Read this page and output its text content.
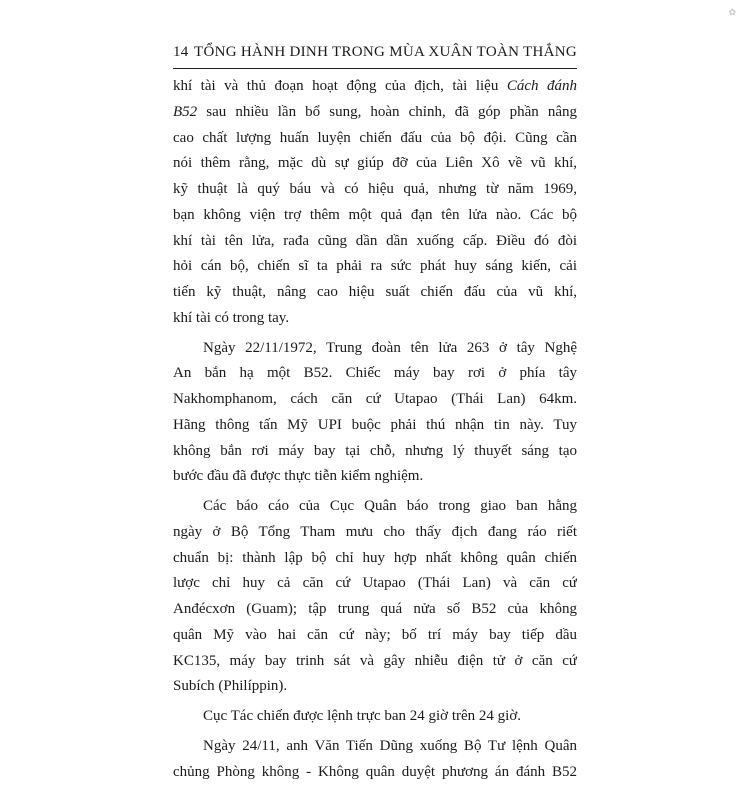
✿
14 TỔNG HÀNH DINH TRONG MÙA XUÂN TOÀN THẮNG
khí tài và thủ đoạn hoạt động của địch, tài liệu Cách đánh
B52 sau nhiều lần bổ sung, hoàn chỉnh, đã góp phần nâng
cao chất lượng huấn luyện chiến đấu của bộ đội. Cũng cần
nói thêm rằng, mặc dù sự giúp đỡ của Liên Xô về vũ khí,
kỹ thuật là quý báu và có hiệu quả, nhưng từ năm 1969,
bạn không viện trợ thêm một quả đạn tên lửa nào. Các bộ
khí tài tên lửa, rađa cũng dần dần xuống cấp. Điều đó đòi
hỏi cán bộ, chiến sĩ ta phải ra sức phát huy sáng kiến, cải
tiến kỹ thuật, nâng cao hiệu suất chiến đấu của vũ khí,
khí tài có trong tay.
Ngày 22/11/1972, Trung đoàn tên lửa 263 ở tây Nghệ
An bắn hạ một B52. Chiếc máy bay rơi ở phía tây
Nakhomphanom, cách căn cứ Utapao (Thái Lan) 64km.
Hãng thông tấn Mỹ UPI buộc phải thú nhận tin này. Tuy
không bắn rơi máy bay tại chỗ, nhưng lý thuyết sáng tạo
bước đầu đã được thực tiễn kiểm nghiệm.
Các báo cáo của Cục Quân báo trong giao ban hằng
ngày ở Bộ Tổng Tham mưu cho thấy địch đang ráo riết
chuẩn bị: thành lập bộ chỉ huy hợp nhất không quân chiến
lược chỉ huy cả căn cứ Utapao (Thái Lan) và căn cứ
Anđécxơn (Guam); tập trung quá nửa số B52 của không
quân Mỹ vào hai căn cứ này; bố trí máy bay tiếp dầu
KC135, máy bay trinh sát và gây nhiễu điện tử ở căn cứ
Subích (Philíppin).
Cục Tác chiến được lệnh trực ban 24 giờ trên 24 giờ.
Ngày 24/11, anh Văn Tiến Dũng xuống Bộ Tư lệnh Quân
chủng Phòng không - Không quân duyệt phương án đánh B52
